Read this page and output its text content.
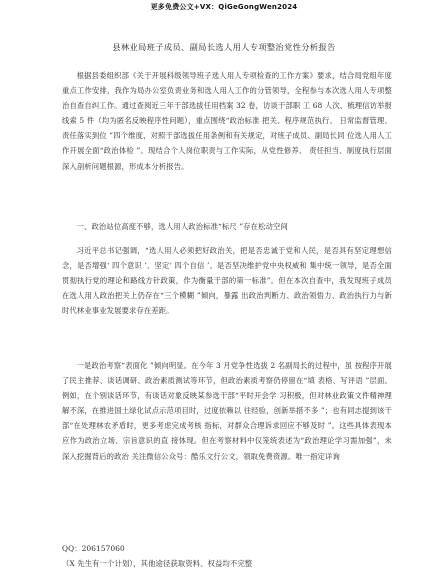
更多免费公文+VX：QiGeGongWen2024
县林业局班子成员、副局长选人用人专项整治党性分析报告

根据县委组织部《关于开展科级领导班子选人用人专项检查的工作方案》要求，结合局党组年度重点工作安排，我作为局办公室负责业务和选人用人工作的分管领导，全程参与本次选人用人专项整治自查自纠工作。通过查阅近三年干部选拔任用档案 32 卷，访谈干部职 工 68 人次、梳理信访举报线索 5 件（均为匿名反映程序性问题），重点围绕“政治标准 把关、程序规范执行、 日常监督管理、责任落实到位 ”四个维度，对照干部选拔任用条例和有关规定，对班子成员、副局长同 位选人用人工作开展全面“政治体检 ”。现结合个人岗位职责与工作实际，从党性修养、 责任担当、制度执行层面深入剖析问题根源，形成本分析报告。

一、政治站位高度不够，选人用人政治标准“标尺 ”存在松动空间

习近平总书记强调，“选人用人必须把好政治关，把是否忠诚于党和人民，是否具有坚定理想信念，是否增强‘ 四个意识 ’、坚定‘ 四个自信 ’、是否坚决维护党中央权威和 集中统一领导，是否全面贯彻执行党的理论和路线方针政策，作为衡量干部的第一标准”。但在本次自查中，我发现班子成员在选人用人政治把关上仍存在“三个模糊 ”倾向，暴露 出政治判断力、政治领悟力、政治执行力与新时代林业事业发展要求存在差距。

一是政治考察“表面化 ”倾向明显。在今年 3 月党争性选拔 2 名副局长的过程中，虽 按程序开展了民主推荐、谈话调研、政治素质测试等环节，但政治素质考察仍停留在“填 表格、写评语 ”层面。例如，在个别谈话环节，有谈话对象反映某参选干部“平时开会学 习积极，但对林业政策文件精神理解不深，在推进国土绿化试点示范项目时，过度依赖以 往经验，创新举措不多 ”；也有同志提到该干部“在处理林农矛盾时，更多考虑完成考核 指标，对群众合理诉求回应不够及时 ”。这些具体表现本应作为政治立场、宗旨意识的直 接体现。但在考察材料中仅笼统表述为“政治理论学习需加强”，未深入挖掘背后的政治 关注微信公众号：酷乐文行公文，领取免费资源。唯一指定详询

QQ：206157060
（X 先生有一个计划），其他途径获取资料、权益均不完整
